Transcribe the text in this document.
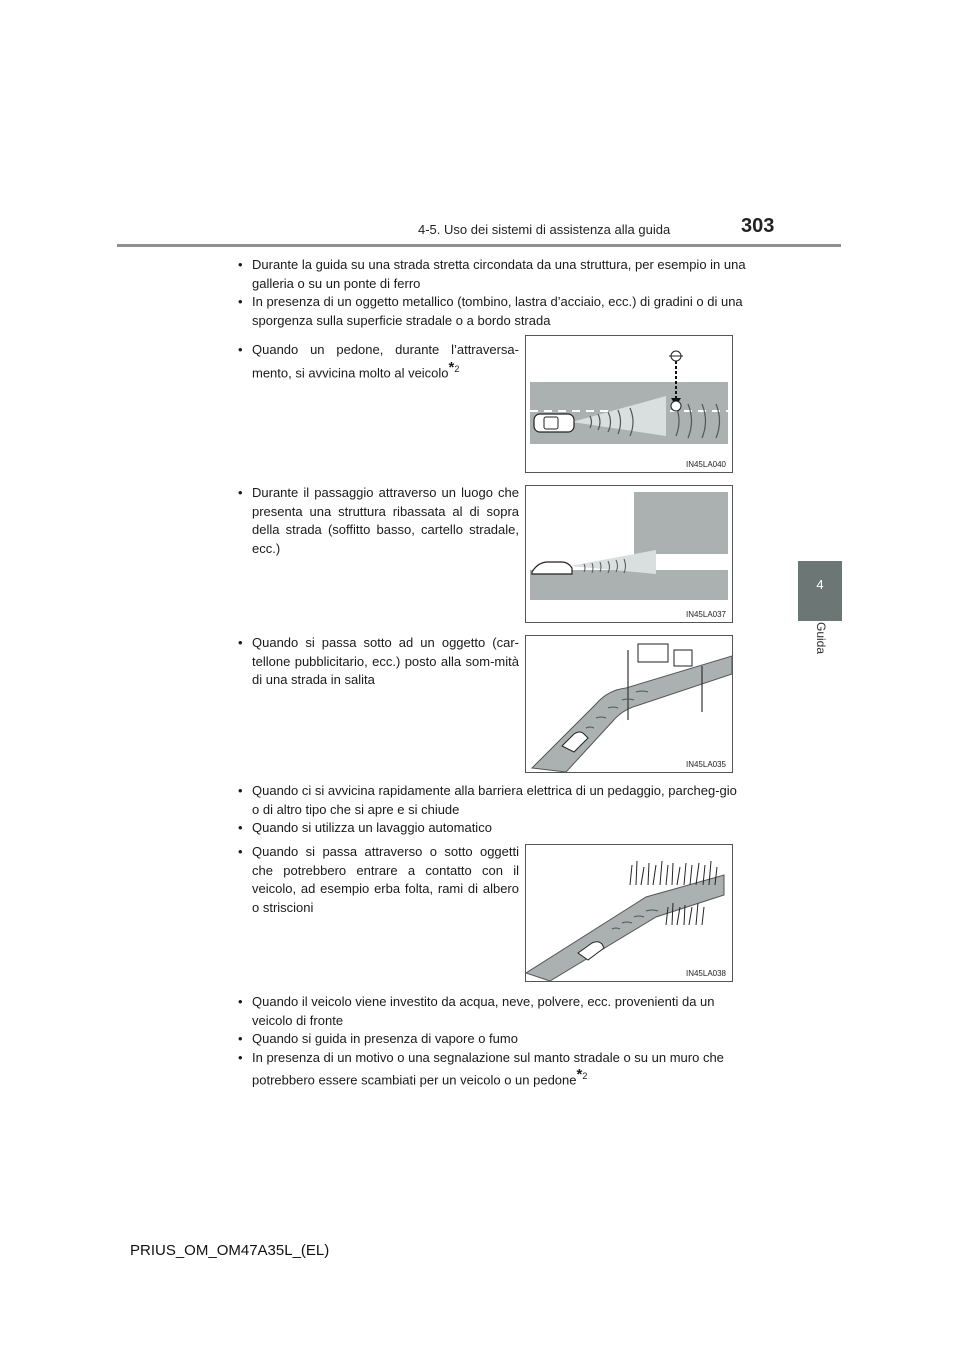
4-5. Uso dei sistemi di assistenza alla guida	303
4
Guida
• Durante la guida su una strada stretta circondata da una struttura, per esempio in una galleria o su un ponte di ferro
• In presenza di un oggetto metallico (tombino, lastra d’acciaio, ecc.) di gradini o di una sporgenza sulla superficie stradale o a bordo strada
• Quando un pedone, durante l’attraversa-mento, si avvicina molto al veicolo*$^2$
IN45LA040
• Durante il passaggio attraverso un luogo che presenta una struttura ribassata al di sopra della strada (soffitto basso, cartello stradale, ecc.)
IN45LA037
• Quando si passa sotto ad un oggetto (car-tellone pubblicitario, ecc.) posto alla som-mità di una strada in salita
IN45LA035
• Quando ci si avvicina rapidamente alla barriera elettrica di un pedaggio, parcheg-gio o di altro tipo che si apre e si chiude
• Quando si utilizza un lavaggio automatico
• Quando si passa attraverso o sotto oggetti che potrebbero entrare a contatto con il veicolo, ad esempio erba folta, rami di albero o striscioni
IN45LA038
• Quando il veicolo viene investito da acqua, neve, polvere, ecc. provenienti da un veicolo di fronte
• Quando si guida in presenza di vapore o fumo
• In presenza di un motivo o una segnalazione sul manto stradale o su un muro che potrebbero essere scambiati per un veicolo o un pedone*$^2$
PRIUS_OM_OM47A35L_(EL)
